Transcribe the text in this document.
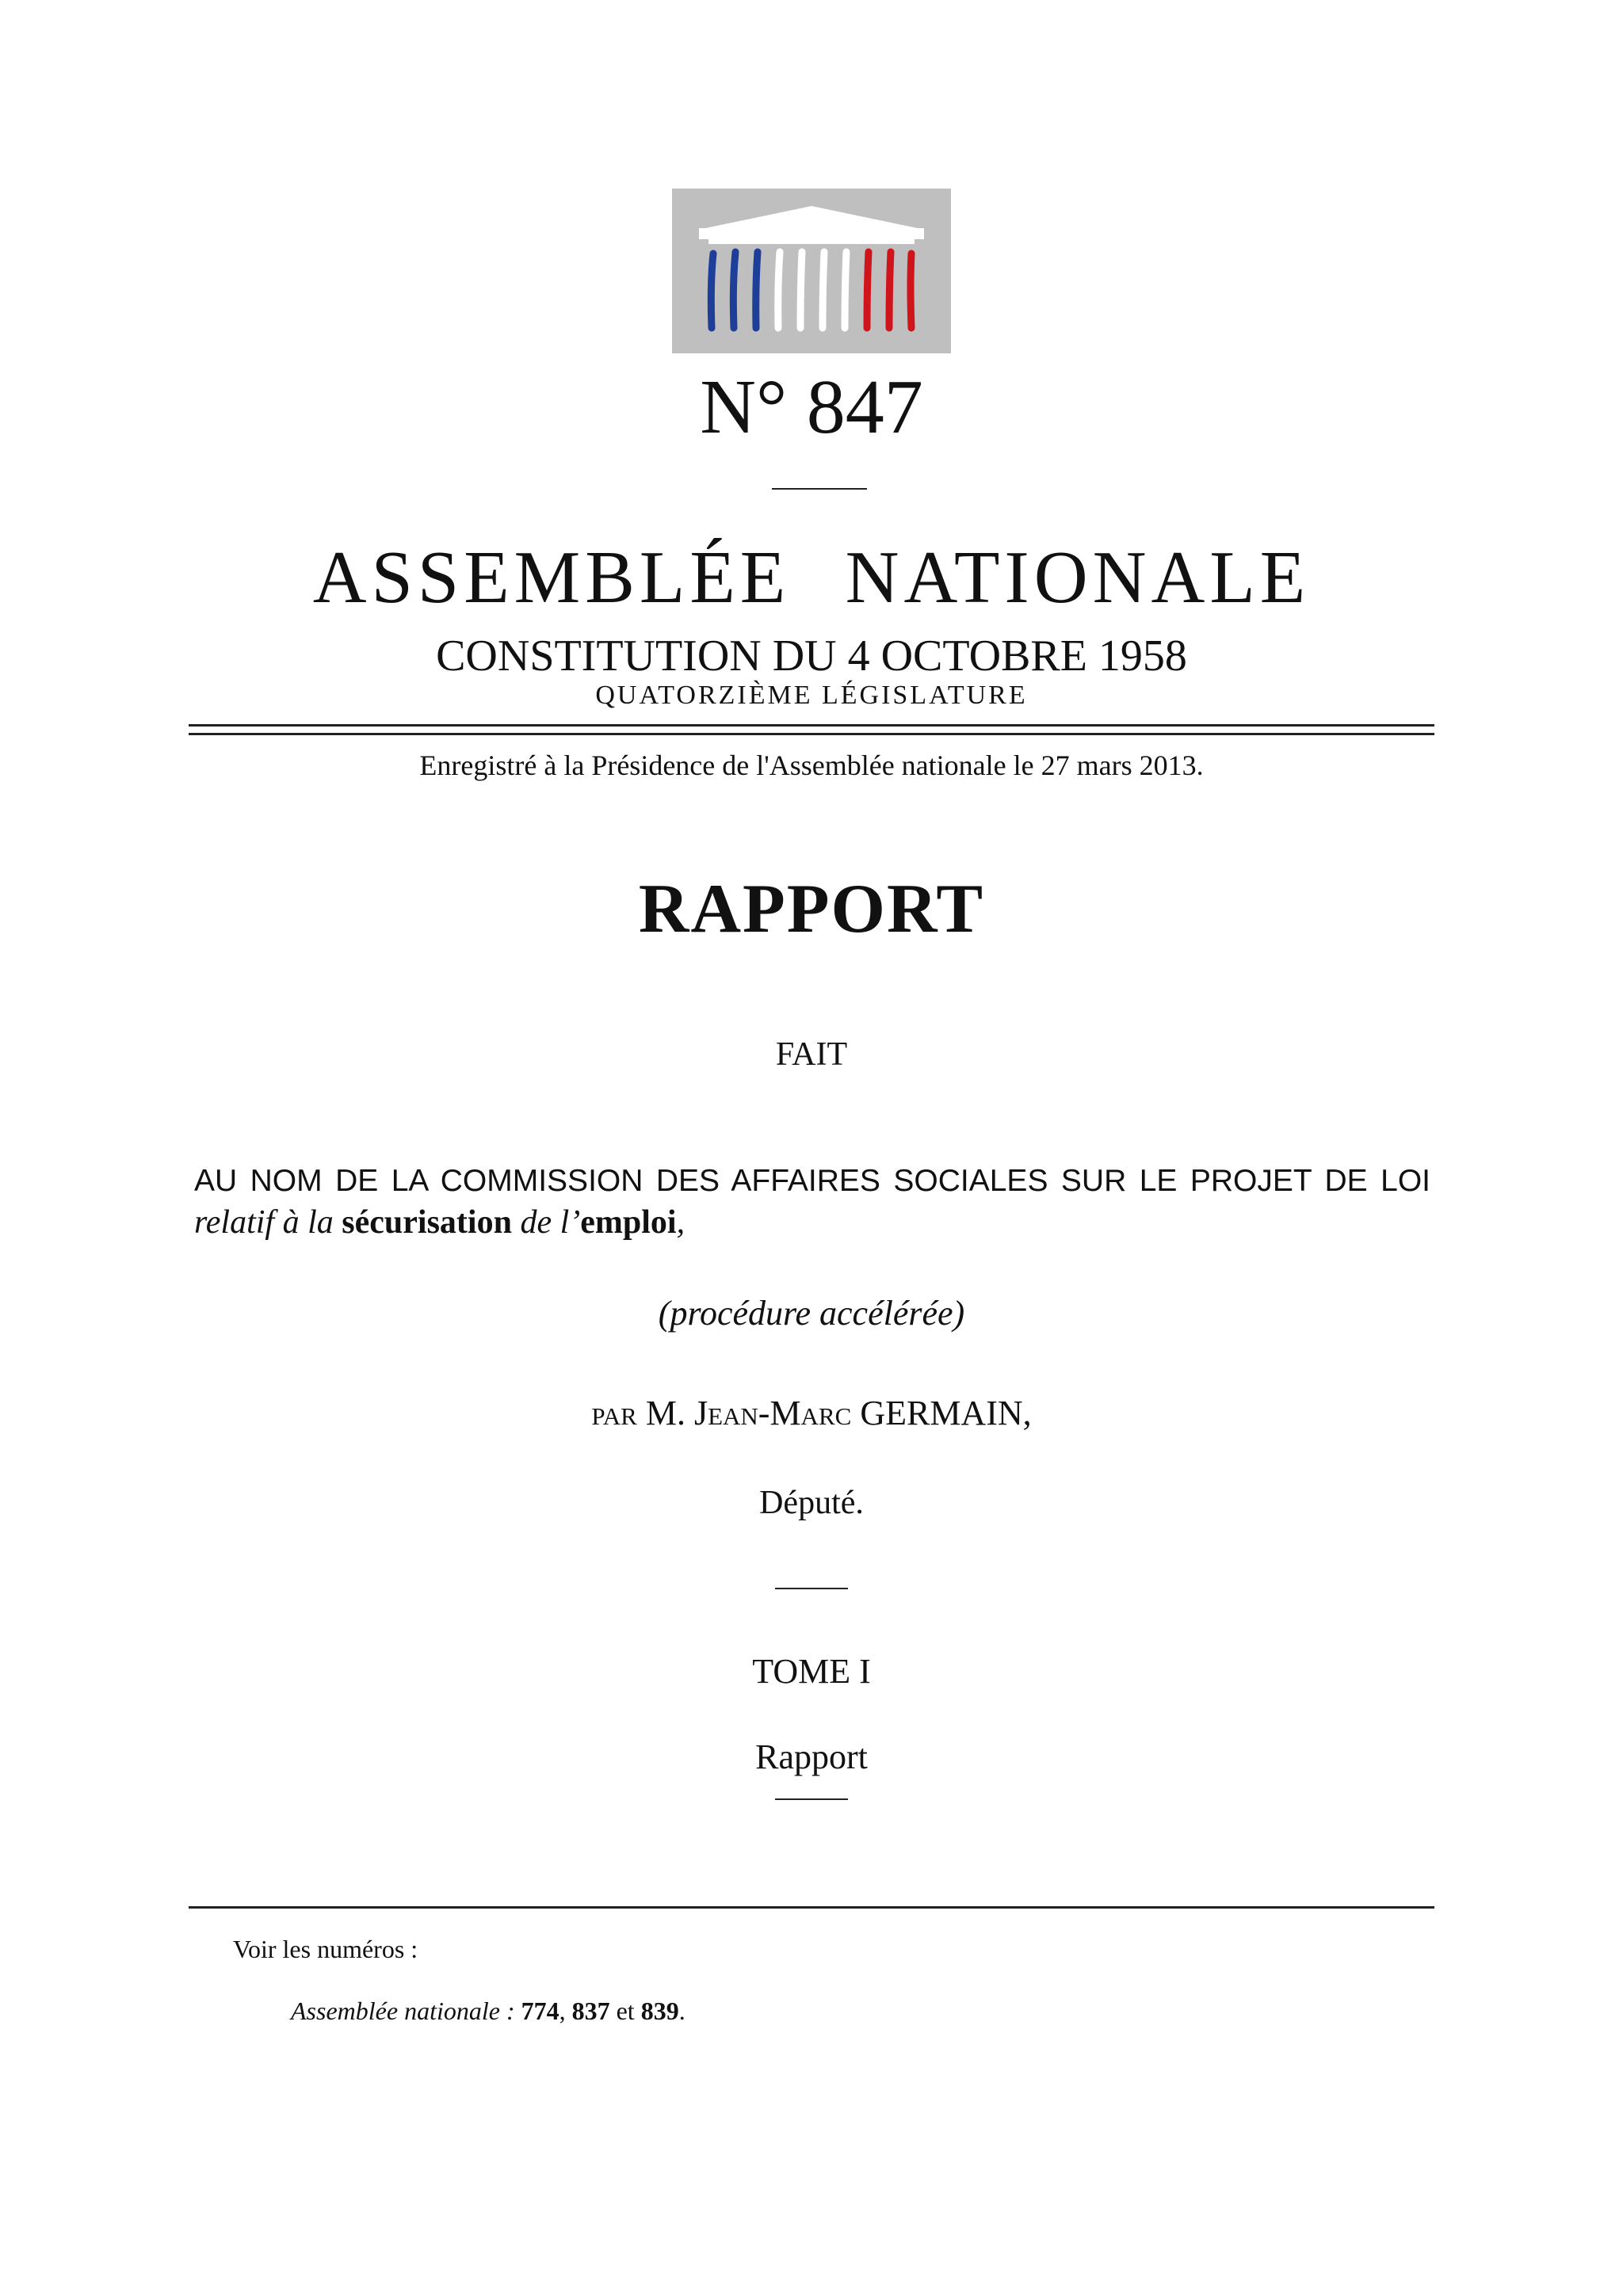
N° 847
ASSEMBLÉE NATIONALE
CONSTITUTION DU 4 OCTOBRE 1958
QUATORZIÈME LÉGISLATURE
Enregistré à la Présidence de l'Assemblée nationale le 27 mars 2013.
RAPPORT
FAIT
AU NOM DE LA COMMISSION DES AFFAIRES SOCIALES SUR LE PROJET DE LOI relatif à la sécurisation de l’emploi,
(procédure accélérée)
par M. Jean-Marc GERMAIN,
Député.
TOME I
Rapport
Voir les numéros :
Assemblée nationale : 774, 837 et 839.
